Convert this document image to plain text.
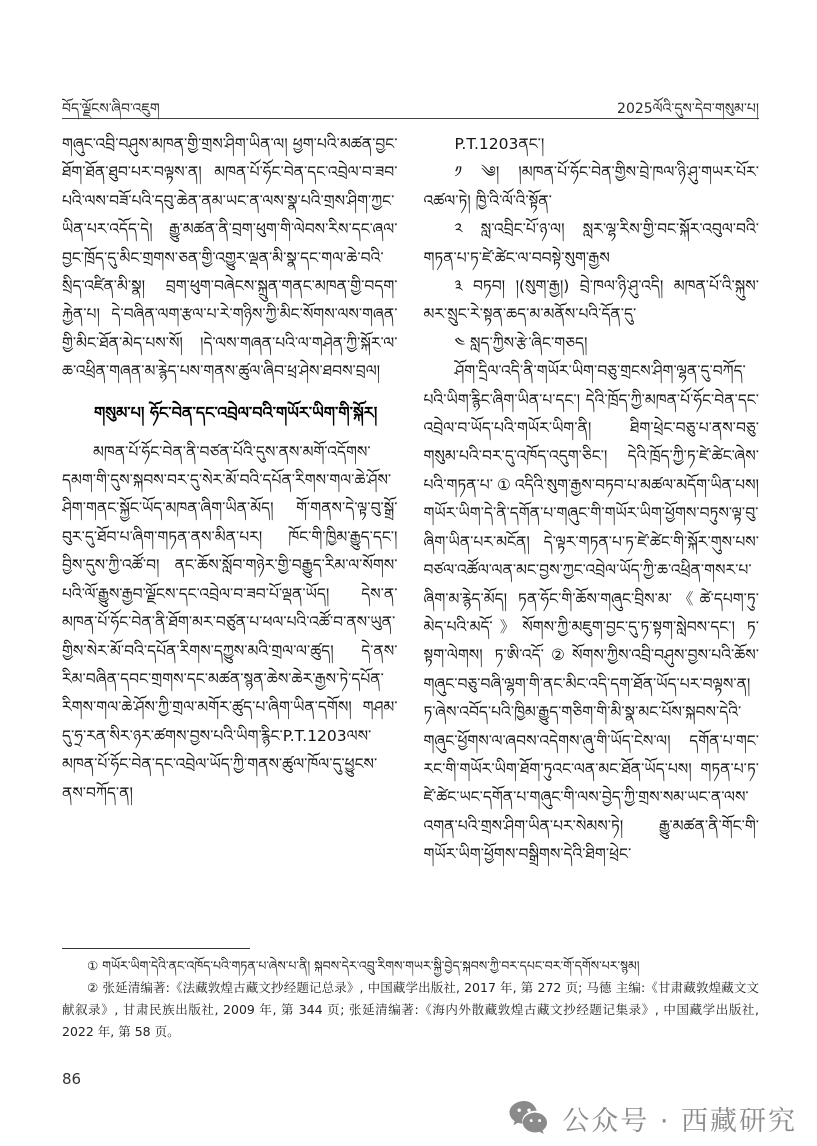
བོད་ལྗོངས་ཞིབ་འཇུག	2025ལོའི་དུས་དེབ་གསུམ་པ།

གཞུང་འབྲི་བཤུས་མཁན་གྱི་གྲས་ཤིག་ཡིན་ལ། ཕྱག་པའི་མཚན་བྱང་ཐོག་ཐོན་ཐུབ་པར་བལྟས་ན། མཁན་པོ་ཧོང་བེན་དང་འབྲེལ་བ་ཟབ་པའི་ལས་བཟོ་པའི་དབུ་ཆེན་ནམ་ཡང་ན་ལས་སྣ་པའི་གྲས་ཤིག་ཀྱང་ཡིན་པར་འདོད་དེ། རྒྱུ་མཚན་ནི་བྲག་ཕུག་གི་ལེབས་རིས་དང་ཞལ་བྱང་ཁྲོད་དུ་མིང་གྲགས་ཅན་གྱི་འགྱུར་ལྡན་མི་སྣ་དང་གལ་ཆེ་བའི་སྲིད་འཛིན་མི་སྣ། བྲག་ཕུག་བཞེངས་སྐྲུན་གནང་མཁན་གྱི་བདག་རྐྱེན་པ། དེ་བཞིན་ལག་རྩལ་པ་རེ་གཉིས་ཀྱི་མིང་སོགས་ལས་གཞན་གྱི་མིང་ཐོན་མེད་པས་སོ། །དེ་ལས་གཞན་པའི་ལ་གཤེན་ཀྱི་སྐོར་ལ་ཆ་འཕྲིན་གཞན་མ་རྙེད་པས་གནས་ཚུལ་ཞིབ་ཕྲ་ཤེས་ཐབས་བྲལ།

གསུམ་པ། ཧོང་བེན་དང་འབྲེལ་བའི་གཡོར་ཡིག་གི་སྐོར།

མཁན་པོ་ཧོང་བེན་ནི་བཙན་པོའི་དུས་ནས་མགོ་འདོགས་དམག་གི་དུས་སྐབས་བར་དུ་སེར་མོ་བའི་དཔོན་རིགས་གལ་ཆེ་ཤོས་ཤིག་གནང་སྐྱོང་ཡོད་མཁན་ཞིག་ཡིན་མོད། གོ་གནས་དེ་ལྟ་བུ་སྒྲོ་བུར་དུ་ཐོབ་པ་ཞིག་གཏན་ནས་མིན་པར། ཁོང་གི་ཁྱིམ་རྒྱུད་དང་། བྱིས་དུས་ཀྱི་འཚོ་བ། ནང་ཆོས་སློབ་གཉེར་གྱི་བརྒྱུད་རིམ་ལ་སོགས་པའི་ལོ་རྒྱུས་རྒྱབ་ལྗོངས་དང་འབྲེལ་བ་ཟབ་པོ་ལྡན་ཡོད། དེས་ན་མཁན་པོ་ཧོང་བེན་ནི་ཐོག་མར་བཙུན་པ་ཕལ་པའི་འཚོ་བ་ནས་ཡུན་གྱིས་སེར་མོ་བའི་དཔོན་རིགས་དཀྱུས་མའི་གྲལ་ལ་ཚུད། དེ་ནས་རིམ་བཞིན་དབང་གྲགས་དང་མཚན་སྙན་ཆེས་ཆེར་རྒྱས་ཏེ་དཔོན་རིགས་གལ་ཆེ་ཤོས་ཀྱི་གྲལ་མགོར་ཚུད་པ་ཞིག་ཡིན་དགོས། གཤམ་དུ་ཧྲ་རན་སིར་ཉར་ཚགས་བྱས་པའི་ཡིག་རྙིང་P.T.1203ལས་མཁན་པོ་ཧོང་བེན་དང་འབྲེལ་ཡོད་ཀྱི་གནས་ཚུལ་ཁོལ་དུ་ཕྱུངས་ནས་བཀོད་ན།

P.T.1203ནང་།

༡ ༄། །མཁན་པོ་ཧོང་བེན་གྱིས་བྲེ་ཁལ་ཉི་ཤུ་གཡར་པོར་འཚལ་ཏེ། ཁྱི་འི་ལོ་འི་སྟོན་

༢ སླ་འབྲིང་པོ་ཉ་ལ། སླར་ལྷ་རིས་གྱི་བང་སྐོར་འབུལ་བའི་གཏན་པ་ཏ་ཛེ་ཚེང་ལ་བབསྟེ་སུག་རྒྱས

༣ བཏབ། །(སུག་རྒྱ།) བྲེ་ཁལ་ཉི་ཤུ་འདི། མཁན་པོ་འི་སྐུས་མར་སྲུང་རེ་སྟན་ཆད་མ་མནོས་པའི་དོན་དུ་

༤ སླད་ཀྱིས་རྩེ་ཞིང་གཅད།

ཤོག་དྲིལ་འདི་ནི་གཡོར་ཡིག་བཅུ་གྲངས་ཤིག་ལྷན་དུ་བཀོད་པའི་ཡིག་རྙིང་ཞིག་ཡིན་པ་དང་། དེའི་ཁྲོད་ཀྱི་མཁན་པོ་ཧོང་བེན་དང་འབྲེལ་བ་ཡོད་པའི་གཡོར་ཡིག་ནི། ཐིག་ཕྲེང་བཅུ་པ་ནས་བཅུ་གསུམ་པའི་བར་དུ་འཁོད་འདུག་ཅིང་། དེའི་ཁྲོད་ཀྱི་ཏ་ཛེ་ཚེང་ཞེས་པའི་གཏན་པ་①འདིའི་སུག་རྒྱས་བཏབ་པ་མཚལ་མདོག་ཡིན་པས། གཡོར་ཡིག་དེ་ནི་དགོན་པ་གཞུང་གི་གཡོར་ཡིག་ཕྱོགས་བཏུས་ལྟ་བུ་ཞིག་ཡིན་པར་མངོན། དེ་ལྟར་གཏན་པ་ཏ་ཛེ་ཚེང་གི་སྐོར་གུས་པས་བཙལ་འཚོལ་ལན་མང་བྱས་ཀྱང་འབྲེལ་ཡོད་ཀྱི་ཆ་འཕྲིན་གསར་པ་ཞིག་མ་རྙེད་མོད། ཏན་ཧོང་གི་ཆོས་གཞུང་བྲིས་མ་《ཚེ་དཔག་ཏུ་མེད་པའི་མདོ་》སོགས་ཀྱི་མཇུག་བྱང་དུ་ཏ་སྟག་སླེབས་དང་། ཏ་སྟག་ལེགས། ཏ་ཨི་འདོ་②སོགས་ཀྱིས་འབྲི་བཤུས་བྱས་པའི་ཆོས་གཞུང་བཅུ་བཞི་ལྷག་གི་ནང་མིང་འདི་དག་ཐོན་ཡོད་པར་བལྟས་ན། ཏ་ཞེས་འབོད་པའི་ཁྱིམ་རྒྱུད་གཅིག་གི་མི་སྣ་མང་པོས་སྐབས་དེའི་གཞུང་ཕྱོགས་ལ་ཞབས་འདེགས་ཞུ་གི་ཡོད་ངེས་ལ། དགོན་པ་གང་རང་གི་གཡོར་ཡིག་ཐོག་ཏུའང་ལན་མང་ཐོན་ཡོད་པས། གཏན་པ་ཏ་ཛེ་ཚེང་ཡང་དགོན་པ་གཞུང་གི་ལས་བྱེད་ཀྱི་གྲས་སམ་ཡང་ན་ལས་འགན་པའི་གྲས་ཤིག་ཡིན་པར་སེམས་ཏེ། རྒྱུ་མཚན་ནི་གོང་གི་གཡོར་ཡིག་ཕྱོགས་བསྒྲིགས་དེའི་ཐིག་ཕྲེང་

① གཡོར་ཡིག་དེའི་ནང་འཁོད་པའི་གཏན་པ་ཞེས་པ་ནི། སྐབས་དེར་འབྲུ་རིགས་གཡར་སྐྱི་བྱེད་སྐབས་ཀྱི་བར་དཔང་བར་གོ་དགོས་པར་སྙམ།

② 张延清编著:《法藏敦煌古藏文抄经题记总录》, 中国藏学出版社, 2017 年, 第 272 页; 马德 主编:《甘肃藏敦煌藏文文献叙录》, 甘肃民族出版社, 2009 年, 第 344 页; 张延清编著:《海内外散藏敦煌古藏文抄经题记集录》, 中国藏学出版社, 2022 年, 第 58 页。

86
公众号 · 西藏研究
